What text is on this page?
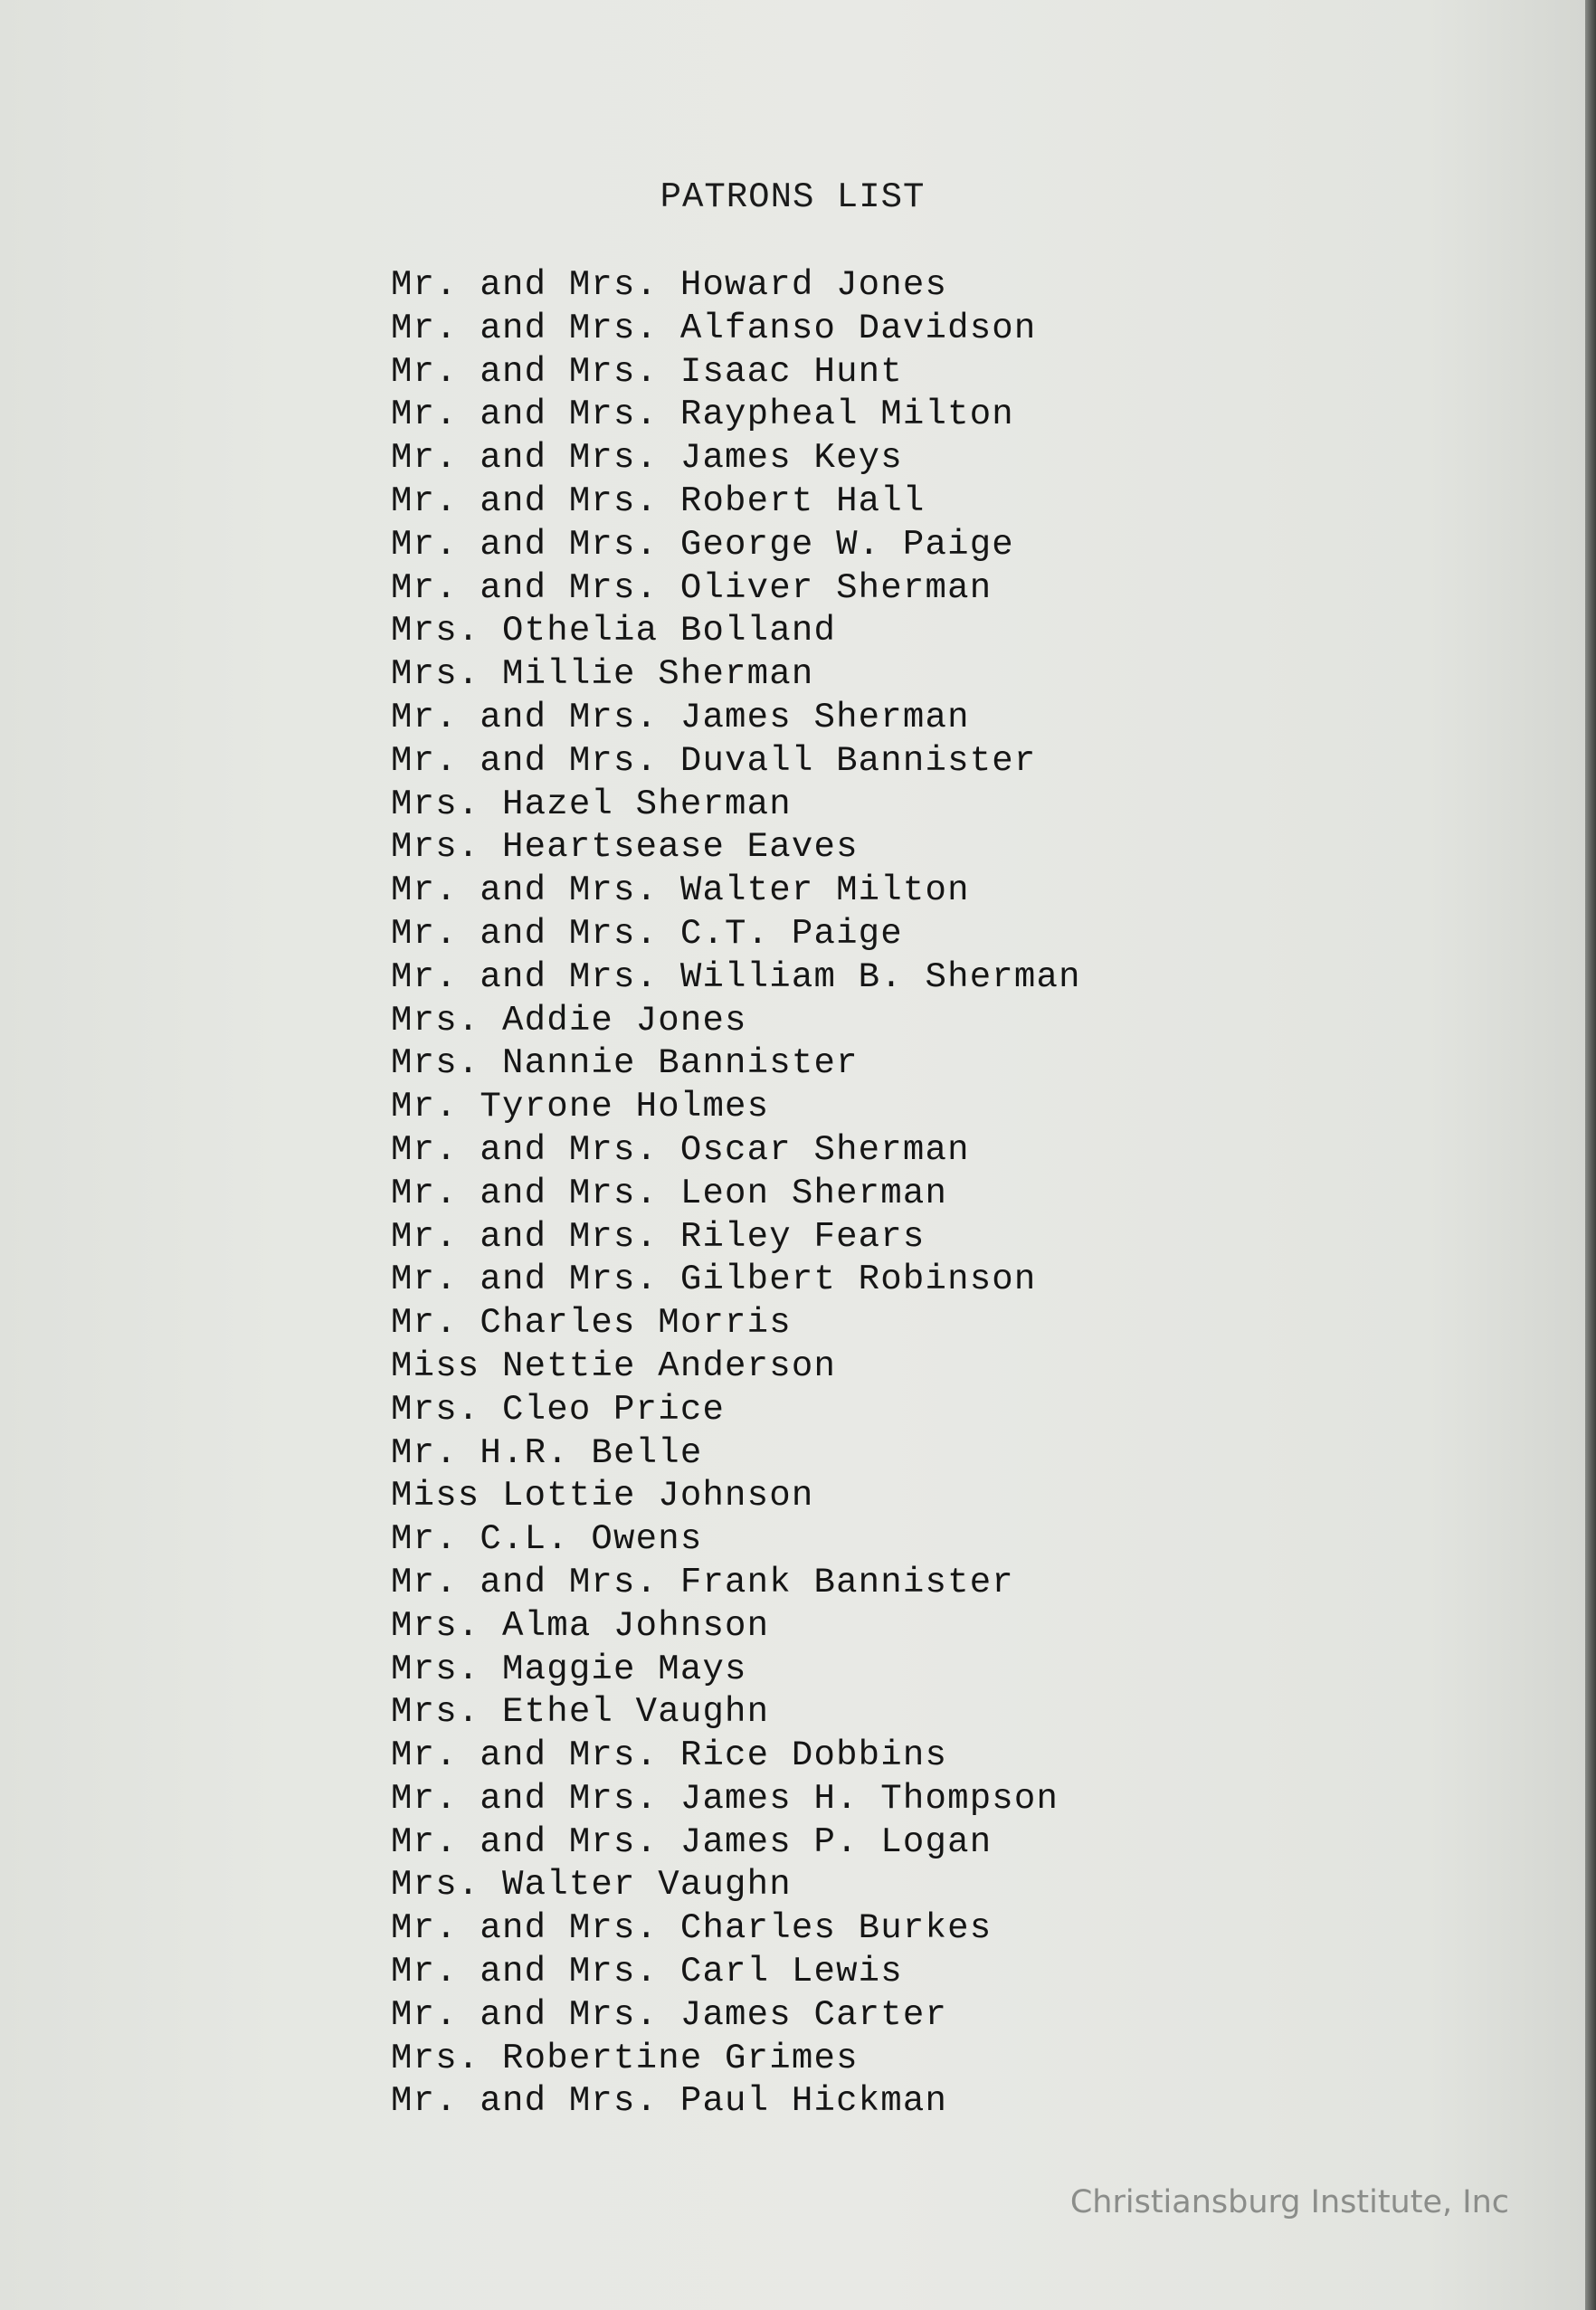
PATRONS LIST
Mr. and Mrs. Howard Jones
Mr. and Mrs. Alfanso Davidson
Mr. and Mrs. Isaac Hunt
Mr. and Mrs. Raypheal Milton
Mr. and Mrs. James Keys
Mr. and Mrs. Robert Hall
Mr. and Mrs. George W. Paige
Mr. and Mrs. Oliver Sherman
Mrs. Othelia Bolland
Mrs. Millie Sherman
Mr. and Mrs. James Sherman
Mr. and Mrs. Duvall Bannister
Mrs. Hazel Sherman
Mrs. Heartsease Eaves
Mr. and Mrs. Walter Milton
Mr. and Mrs. C.T. Paige
Mr. and Mrs. William B. Sherman
Mrs. Addie Jones
Mrs. Nannie Bannister
Mr. Tyrone Holmes
Mr. and Mrs. Oscar Sherman
Mr. and Mrs. Leon Sherman
Mr. and Mrs. Riley Fears
Mr. and Mrs. Gilbert Robinson
Mr. Charles Morris
Miss Nettie Anderson
Mrs. Cleo Price
Mr. H.R. Belle
Miss Lottie Johnson
Mr. C.L. Owens
Mr. and Mrs. Frank Bannister
Mrs. Alma Johnson
Mrs. Maggie Mays
Mrs. Ethel Vaughn
Mr. and Mrs. Rice Dobbins
Mr. and Mrs. James H. Thompson
Mr. and Mrs. James P. Logan
Mrs. Walter Vaughn
Mr. and Mrs. Charles Burkes
Mr. and Mrs. Carl Lewis
Mr. and Mrs. James Carter
Mrs. Robertine Grimes
Mr. and Mrs. Paul Hickman

Christiansburg Institute, Inc
